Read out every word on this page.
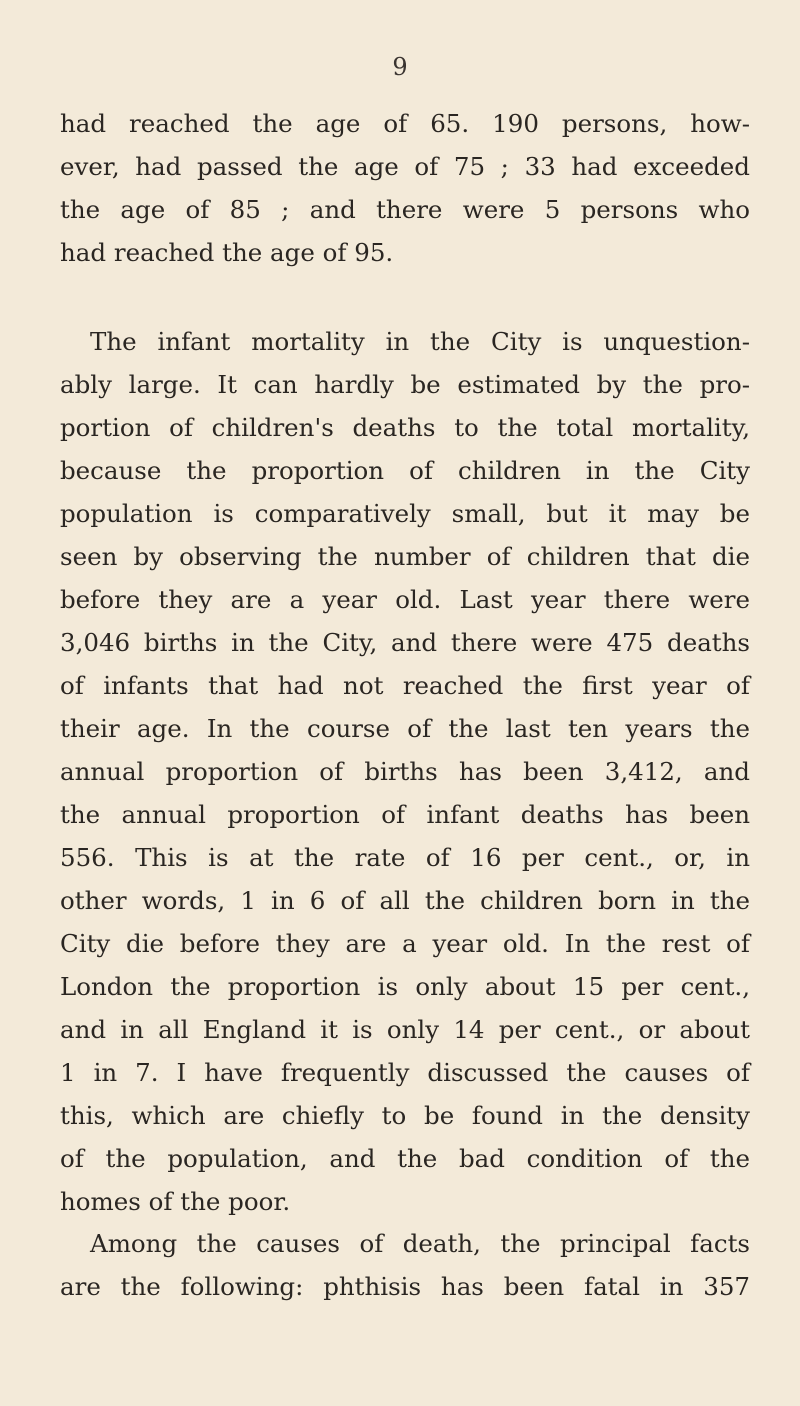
9
had reached the age of 65. 190 persons, how-
ever, had passed the age of 75 ; 33 had exceeded
the age of 85 ; and there were 5 persons who
had reached the age of 95.
The infant mortality in the City is unquestion-
ably large. It can hardly be estimated by the pro-
portion of children's deaths to the total mortality,
because the proportion of children in the City
population is comparatively small, but it may be
seen by observing the number of children that die
before they are a year old. Last year there were
3,046 births in the City, and there were 475 deaths
of infants that had not reached the first year of
their age. In the course of the last ten years the
annual proportion of births has been 3,412, and
the annual proportion of infant deaths has been
556. This is at the rate of 16 per cent., or, in
other words, 1 in 6 of all the children born in the
City die before they are a year old. In the rest of
London the proportion is only about 15 per cent.,
and in all England it is only 14 per cent., or about
1 in 7. I have frequently discussed the causes of
this, which are chiefly to be found in the density
of the population, and the bad condition of the
homes of the poor.
Among the causes of death, the principal facts
are the following: phthisis has been fatal in 357
